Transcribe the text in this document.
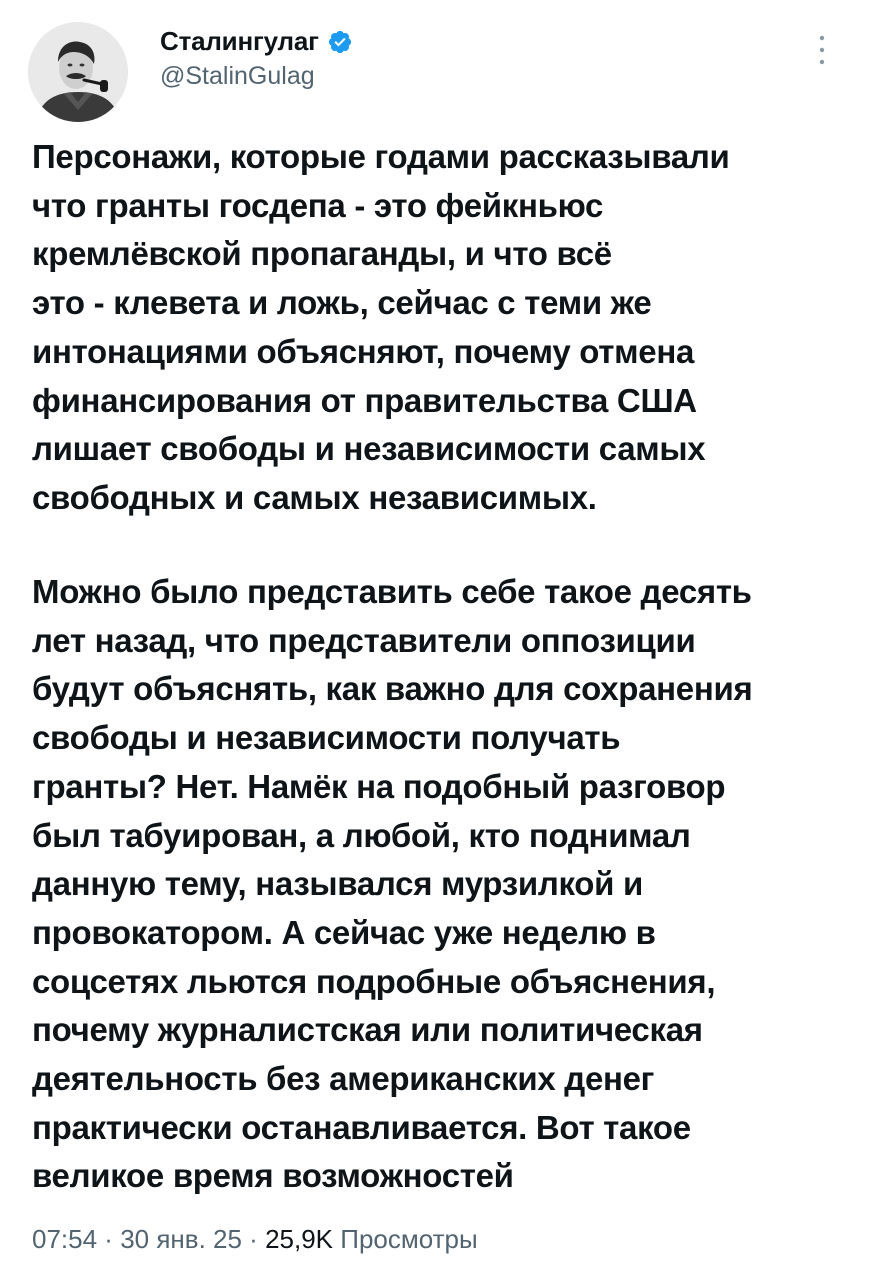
Сталингулаг
@StalinGulag
Персонажи, которые годами рассказывали
что гранты госдепа - это фейкньюс
кремлёвской пропаганды, и что всё
это - клевета и ложь, сейчас с теми же
интонациями объясняют, почему отмена
финансирования от правительства США
лишает свободы и независимости самых
свободных и самых независимых.
Можно было представить себе такое десять
лет назад, что представители оппозиции
будут объяснять, как важно для сохранения
свободы и независимости получать
гранты? Нет. Намёк на подобный разговор
был табуирован, а любой, кто поднимал
данную тему, назывался мурзилкой и
провокатором. А сейчас уже неделю в
соцсетях льются подробные объяснения,
почему журналистская или политическая
деятельность без американских денег
практически останавливается. Вот такое
великое время возможностей
07:54 · 30 янв. 25 · 25,9K Просмотры
